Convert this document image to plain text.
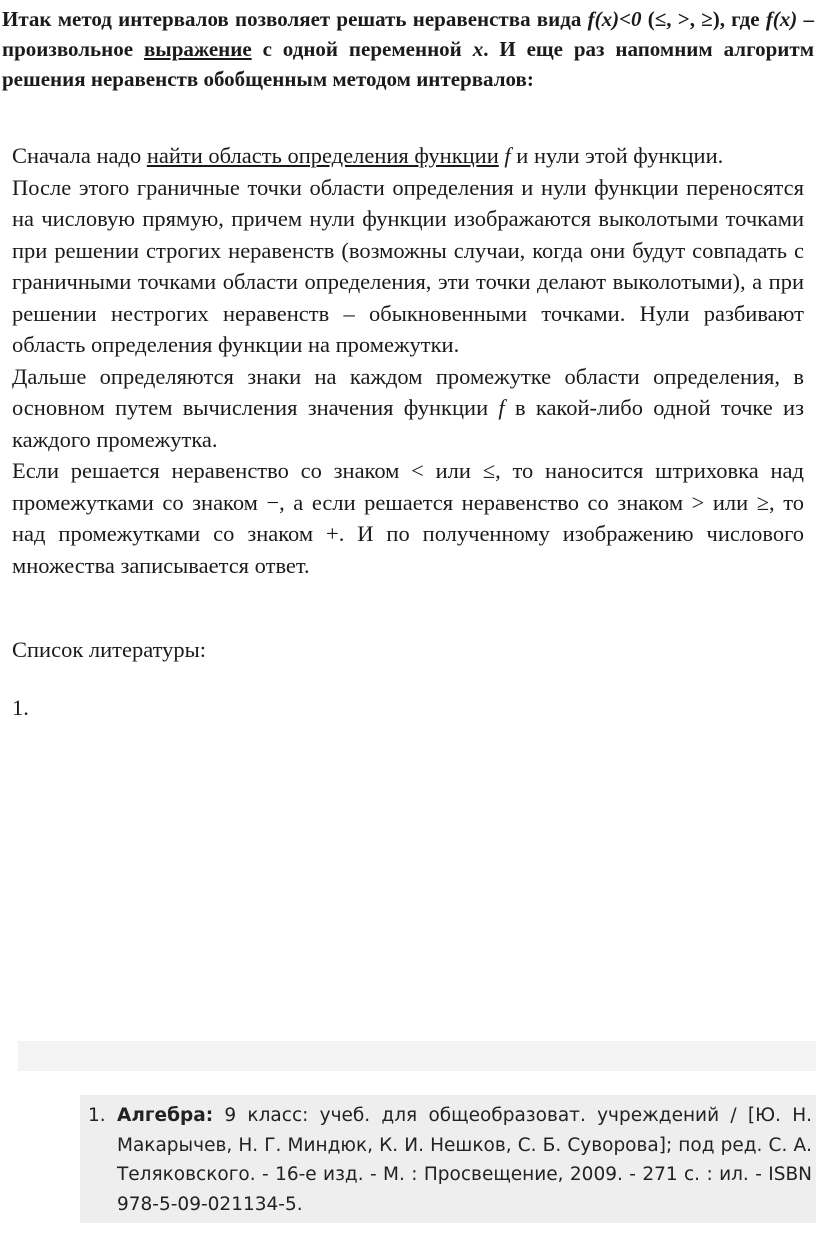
Итак метод интервалов позволяет решать неравенства вида f(x)<0 (≤, >, ≥), где f(x) – произвольное выражение с одной переменной x. И еще раз напомним алгоритм решения неравенств обобщенным методом интервалов:

Сначала надо найти область определения функции f и нули этой функции.

После этого граничные точки области определения и нули функции переносятся на числовую прямую, причем нули функции изображаются выколотыми точками при решении строгих неравенств (возможны случаи, когда они будут совпадать с граничными точками области определения, эти точки делают выколотыми), а при решении нестрогих неравенств – обыкновенными точками. Нули разбивают область определения функции на промежутки.

Дальше определяются знаки на каждом промежутке области определения, в основном путем вычисления значения функции f в какой-либо одной точке из каждого промежутка.

Если решается неравенство со знаком < или ≤, то наносится штриховка над промежутками со знаком −, а если решается неравенство со знаком > или ≥, то над промежутками со знаком +. И по полученному изображению числового множества записывается ответ.

Список литературы:
1.
1. Алгебра: 9 класс: учеб. для общеобразоват. учреждений / [Ю. Н. Макарычев, Н. Г. Миндюк, К. И. Нешков, С. Б. Суворова]; под ред. С. А. Теляковского. - 16-е изд. - М. : Просвещение, 2009. - 271 с. : ил. - ISBN 978-5-09-021134-5.
